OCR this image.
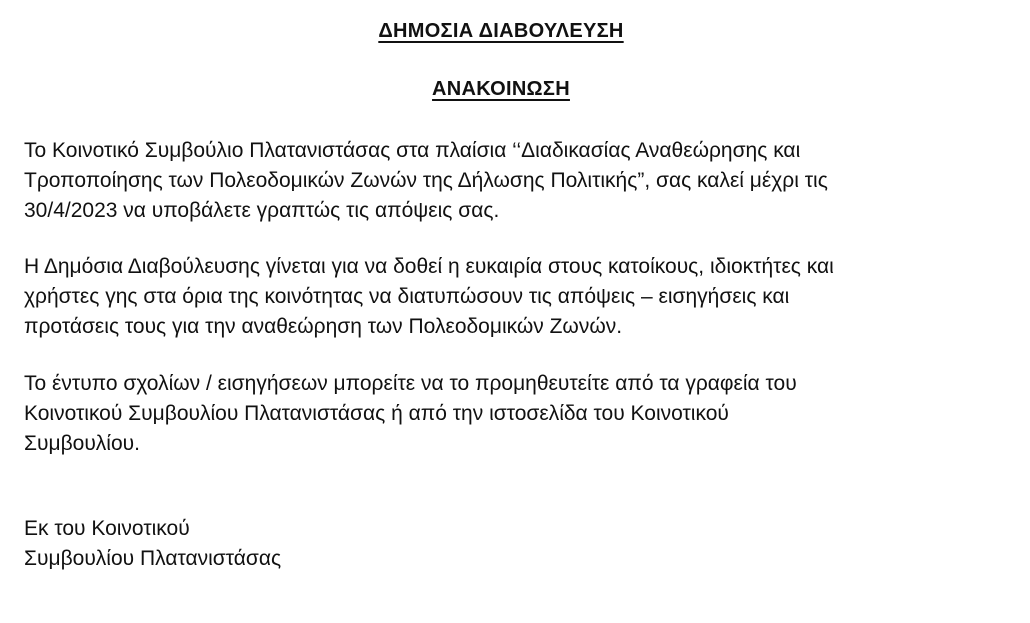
ΔΗΜΟΣΙΑ ΔΙΑΒΟΥΛΕΥΣΗ
ΑΝΑΚΟΙΝΩΣΗ
Το Κοινοτικό Συμβούλιο Πλατανιστάσας στα πλαίσια ‘‘Διαδικασίας Αναθεώρησης και
Τροποποίησης των Πολεοδομικών Ζωνών της Δήλωσης Πολιτικής”, σας καλεί μέχρι τις
30/4/2023 να υποβάλετε γραπτώς τις απόψεις σας.
Η Δημόσια Διαβούλευσης γίνεται για να δοθεί η ευκαιρία στους κατοίκους, ιδιοκτήτες και
χρήστες γης στα όρια της κοινότητας να διατυπώσουν τις απόψεις – εισηγήσεις και
προτάσεις τους για την αναθεώρηση των Πολεοδομικών Ζωνών.
Το έντυπο σχολίων / εισηγήσεων μπορείτε να το προμηθευτείτε από τα γραφεία του
Κοινοτικού Συμβουλίου Πλατανιστάσας ή από την ιστοσελίδα του Κοινοτικού
Συμβουλίου.
Εκ του Κοινοτικού
Συμβουλίου Πλατανιστάσας
